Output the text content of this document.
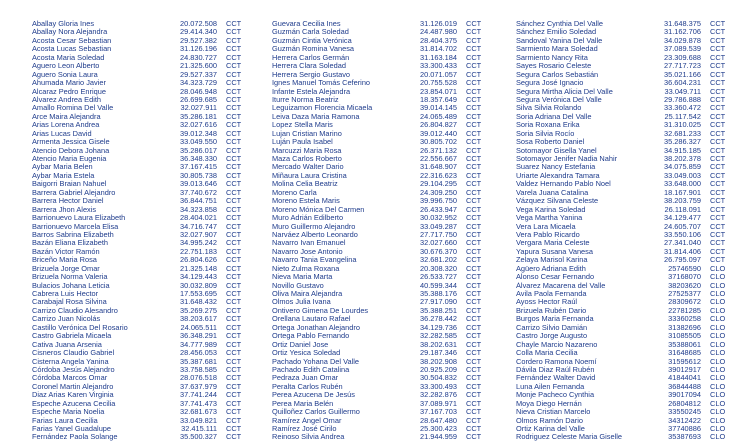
Aballay Gloria Ines	20.072.508 CCT
Aballay Nora Alejandra	29.414.340 CCT
Acosta Cesar Sebastian	29.527.382 CCT
Acosta Lucas Sebastian	31.126.196 CCT
Acosta Maria Soledad	24.830.727 CCT
Aguero Leon Alberto	21.325.600 CCT
Aguero Sonia Laura	29.527.337 CCT
Ahumada Mario Javier	34.323.729 CCT
Alcaraz Pedro Enrique	28.046.948 CCT
Alvarez Andrea Edith	26.699.685 CCT
Amallo Romina Del Valle	32.027.911 CCT
Arce Maira Alejandra	35.286.181 CCT
Arias Lorena Andrea	32.027.616 CCT
Arias Lucas David	39.012.348 CCT
Armenta Jessica Gisele	33.049.550 CCT
Atencio Debora Johana	35.286.017 CCT
Atencio Maria Eugenia	36.348.330 CCT
Aybar Maria Belen	37.167.415 CCT
Aybar Maria Estela	30.805.738 CCT
Baigorri Braian Nahuel	39.013.646 CCT
Barrera Gabriel Alejandro	37.740.672 CCT
Barrera Hector Daniel	36.844.751 CCT
Barrera Jhon Alexis	34.323.858 CCT
Barrionuevo Laura Elizabeth	28.404.021 CCT
Barrionuevo Marcela Elisa	34.716.747 CCT
Barros Sabrina Elizabeth	32.027.907 CCT
Bazán Eliana Elizabeth	34.995.242 CCT
Bazán Victor Ramón	22.751.183 CCT
Briceño Maria Rosa	26.804.626 CCT
Brizuela Jorge Omar	21.325.148 CCT
Brizuela Norma Valeria	34.129.443 CCT
Bulacios Johana Leticia	30.032.809 CCT
Cabrera Luis Hector	17.553.695 CCT
Carabajal Rosa Silvina	31.648.432 CCT
Carrizo Claudio Alesandro	35.269.275 CCT
Carrizo Juan Nicolás	38.203.617 CCT
Castillo Verónica Del Rosario	24.065.511 CCT
Castro Gabriela Micaela	36.348.291 CCT
Cativa Juana Arsenia	34.777.989 CCT
Cisneros Claudio Gabriel	28.456.053 CCT
Cisterna Angela Yanina	35.387.681 CCT
Córdoba Jesús Alejandro	33.758.585 CCT
Córdoba Marcos Omar	28.076.518 CCT
Coronel Martin Alejandro	37.637.979 CCT
Diaz Arias Karen Virginia	37.741.244 CCT
Espeche Azucena Cecilia	37.741.473 CCT
Espeche Maria Noelia	32.681.673 CCT
Farias Laura Cecilia	33.049.821 CCT
Farias Yanel Guadalupe	32.415.111 CCT
Fernández Paola Solange	35.500.327 CCT
Guevara Cecilia Ines	31.126.019 CCT
Guzmán Carla Soledad	24.487.980 CCT
Guzmán Cintia Verónica	28.404.375 CCT
Guzmán Romina Vanesa	31.814.702 CCT
Herrera Carlos Germán	31.163.184 CCT
Herrera Clara Soledad	33.300.433 CCT
Herrera Sergio Gustavo	20.071.057 CCT
Ignes Manuel Tomás Ceferino	20.755.528 CCT
Infante Estela Alejandra	23.854.071 CCT
Iturre Norma Beatriz	18.357.649 CCT
Leguizamon Florencia Micaela	39.014.145 CCT
Leiva Daza Maria Ramona	24.065.489 CCT
Lopez Stella Maris	26.804.827 CCT
Lujan Cristian Marino	39.012.440 CCT
Luján Paula Isabel	30.805.702 CCT
Marcuzzi Maria Rosa	26.371.132 CCT
Maza Carlos Roberto	22.556.667 CCT
Mercado Walter Dario	31.648.907 CCT
Miñaura Laura Cristina	22.316.623 CCT
Molina Celia Beatriz	29.104.295 CCT
Moreno Carla	24.309.250 CCT
Moreno Estela Maris	39.996.750 CCT
Moreno Mónica Del Carmen	26.433.947 CCT
Muro Adrián Edilberto	30.032.952 CCT
Muro Guillermo Alejandro	33.049.287 CCT
Narváez Alberto Leonardo	27.717.750 CCT
Navarro Ivan Emanuel	32.027.660 CCT
Navarro Jose Antonio	30.676.370 CCT
Navarro Tania Evangelina	32.681.202 CCT
Nieto Zulma Roxana	20.308.320 CCT
Nieva Maria Marta	26.533.727 CCT
Novillo Gustavo	40.599.344 CCT
Oliva Maira Alejandra	35.388.176 CCT
Olmos Julia Ivana	27.917.090 CCT
Ontivero Gimena De Lourdes	35.388.251 CCT
Orellana Lautaro Rafael	36.278.442 CCT
Ortega Jonathan Alejandro	34.129.736 CCT
Ortega Pablo Fernando	32.282.585 CCT
Ortiz Daniel Jose	38.202.631 CCT
Ortiz Yesica Soledad	29.187.346 CCT
Pachado Yohana Del Valle	38.202.908 CCT
Pachado Edith Catalina	20.925.209 CCT
Pedraza Juan Omar	30.504.832 CCT
Peralta Carlos Rubén	33.300.493 CCT
Perea Azucena De Jesús	32.282.876 CCT
Perea Maria Belén	37.089.971 CCT
Quilloñez Carlos Guillermo	37.167.703 CCT
Ramírez Ángel Omar	28.647.480 CCT
Ramírez José Cirilo	25.300.423 CCT
Reinoso Silvia Andrea	21.944.959 CCT
Sánchez Cynthia Del Valle	31.648.375 CCT
Sánchez Emilio Soledad	31.162.706 CCT
Sandoval Yanina Del Valle	34.029.878 CCT
Sarmiento Mara Soledad	37.089.539 CCT
Sarmiento Nancy Rita	23.309.688 CCT
Sayes Rosario Celeste	27.717.723 CCT
Segura Carlos Sebastián	35.021.166 CCT
Segura José Ignacio	36.604.231 CCT
Segura Mirtha Alicia Del Valle	33.049.711 CCT
Segura Verónica Del Valle	29.786.888 CCT
Silva Silvia Rolando	33.360.472 CCT
Soria Adriana Del Valle	25.117.542 CCT
Soria Roxana Erika	31.310.025 CCT
Soria Silvia Rocío	32.681.233 CCT
Sosa Roberto Daniel	35.286.327 CCT
Sotomayor Gisella Yanel	34.915.185 CCT
Sotomayor Jenifer Nadia Nahir	38.202.378 CCT
Suarez Nancy Estefania	34.075.859 CCT
Uriarte Alexandra Tamara	33.049.003 CCT
Valdez Hernando Pablo Noel	33.648.000 CCT
Varela Juana Catalina	18.167.901 CCT
Vázquez Silvana Celeste	38.203.759 CCT
Vega Karina Soledad	26.118.091 CCT
Vega Martha Yanina	34.129.477 CCT
Vera Lara Micaela	24.605.707 CCT
Vera Pablo Ricardo	33.550.106 CCT
Vergara Maria Celeste	27.341.040 CCT
Yapura Susana Vanesa	31.814.406 CCT
Zelaya Marisol Karina	26.795.097 CCT
Agüero Adriana Edith	25746590 CLO
Alonso Cesar Fernando	37168070 CLO
Álvarez Macarena del Valle	38203620 CLO
Avila Paola Fernanda	27525377 CLO
Ayoss Hector Raúl	28309672 CLO
Brizuela Rubén Dario	22781285 CLO
Burgos Maria Fernanda	33360258 CLO
Carrizo Silvio Damián	31382696 CLO
Castro Jorge Augusto	31085505 CLO
Chayle Marcio Nazareno	35388061 CLO
Colla Maria Cecilia	31648685 CLO
Cordero Ramona Noemí	31595612 CLO
Dávila Diaz Raúl Rubén	39012917 CLO
Fernández Walter David	41844041 CLO
Luna Ailen Fernanda	36844488 CLO
Monje Pacheco Cynthia	39017094 CLO
Moya Diego Hernán	26804812 CLO
Nieva Cristian Marcelo	33550245 CLO
Olmos Ramón Dario	34312422 CLO
Ortiz Karina del Valle	37740886 CLO
Rodriguez Celeste Maria Giselle	35387693 CLO
